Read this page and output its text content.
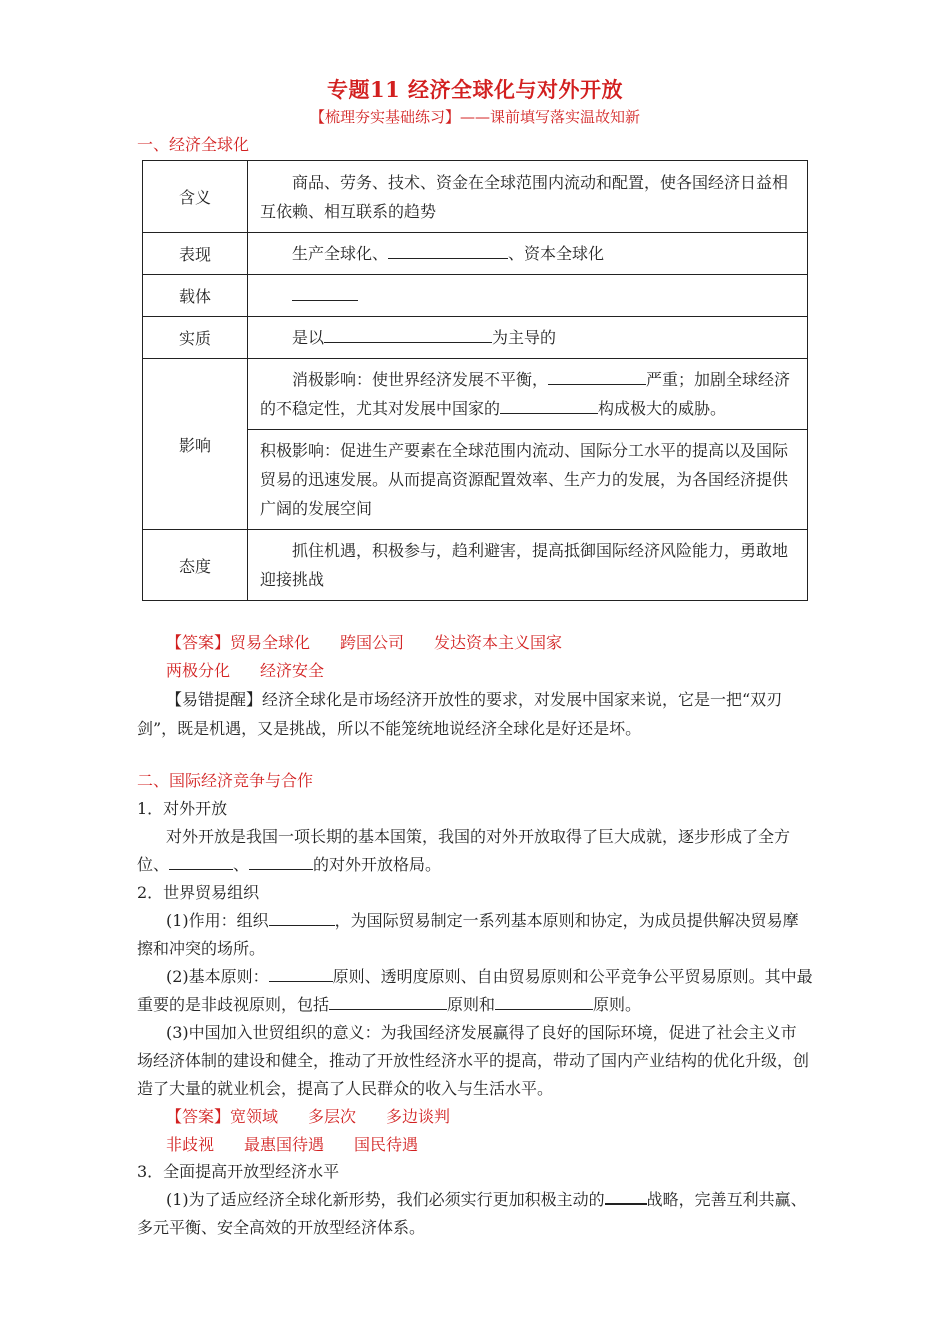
专题11 经济全球化与对外开放
【梳理夯实基础练习】——课前填写落实温故知新
一、经济全球化
含义	商品、劳务、技术、资金在全球范围内流动和配置，使各国经济日益相互依赖、相互联系的趋势

表现	生产全球化、 、资本全球化

载体	

实质	是以 为主导的

影响	消极影响：使世界经济发展不平衡， 严重；加剧全球经济的不稳定性，尤其对发展中国家的 构成极大的威胁。

	积极影响：促进生产要素在全球范围内流动、国际分工水平的提高以及国际贸易的迅速发展。从而提高资源配置效率、生产力的发展，为各国经济提供广阔的发展空间

态度	抓住机遇，积极参与，趋利避害，提高抵御国际经济风险能力，勇敢地迎接挑战
【答案】贸易全球化 跨国公司 发达资本主义国家
两极分化 经济安全
【易错提醒】经济全球化是市场经济开放性的要求，对发展中国家来说，它是一把“双刃
剑”，既是机遇，又是挑战，所以不能笼统地说经济全球化是好还是坏。
二、国际经济竞争与合作
1．对外开放
对外开放是我国一项长期的基本国策，我国的对外开放取得了巨大成就，逐步形成了全方
位、	、	的对外开放格局。
2．世界贸易组织
(1)作用：组织	，为国际贸易制定一系列基本原则和协定，为成员提供解决贸易摩
擦和冲突的场所。
(2)基本原则：	原则、透明度原则、自由贸易原则和公平竞争公平贸易原则。其中最
重要的是非歧视原则，包括	原则和	原则。
(3)中国加入世贸组织的意义：为我国经济发展赢得了良好的国际环境，促进了社会主义市
场经济体制的建设和健全，推动了开放性经济水平的提高，带动了国内产业结构的优化升级，创
造了大量的就业机会，提高了人民群众的收入与生活水平。
【答案】宽领域 多层次 多边谈判
非歧视 最惠国待遇 国民待遇
3．全面提高开放型经济水平
(1)为了适应经济全球化新形势，我们必须实行更加积极主动的	战略，完善互利共赢、
多元平衡、安全高效的开放型经济体系。
